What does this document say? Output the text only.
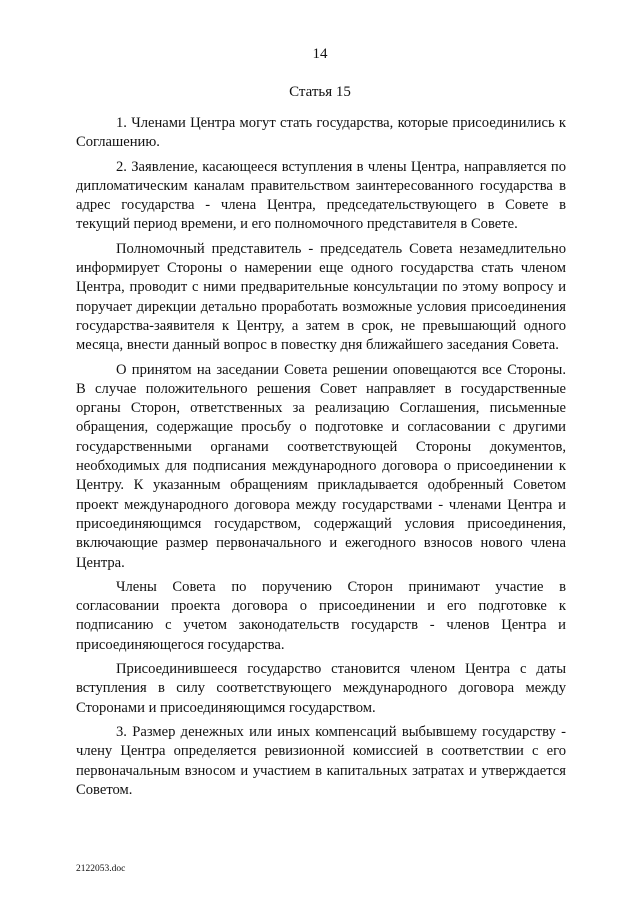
14
Статья 15

1. Членами Центра могут стать государства, которые присоединились к Соглашению.

2. Заявление, касающееся вступления в члены Центра, направляется по дипломатическим каналам правительством заинтересованного государства в адрес государства - члена Центра, председательствующего в Совете в текущий период времени, и его полномочного представителя в Совете.

Полномочный представитель - председатель Совета незамедлительно информирует Стороны о намерении еще одного государства стать членом Центра, проводит с ними предварительные консультации по этому вопросу и поручает дирекции детально проработать возможные условия присоединения государства-заявителя к Центру, а затем в срок, не превышающий одного месяца, внести данный вопрос в повестку дня ближайшего заседания Совета.

О принятом на заседании Совета решении оповещаются все Стороны. В случае положительного решения Совет направляет в государственные органы Сторон, ответственных за реализацию Соглашения, письменные обращения, содержащие просьбу о подготовке и согласовании с другими государственными органами соответствующей Стороны документов, необходимых для подписания международного договора о присоединении к Центру. К указанным обращениям прикладывается одобренный Советом проект международного договора между государствами - членами Центра и присоединяющимся государством, содержащий условия присоединения, включающие размер первоначального и ежегодного взносов нового члена Центра.

Члены Совета по поручению Сторон принимают участие в согласовании проекта договора о присоединении и его подготовке к подписанию с учетом законодательств государств - членов Центра и присоединяющегося государства.

Присоединившееся государство становится членом Центра с даты вступления в силу соответствующего международного договора между Сторонами и присоединяющимся государством.

3. Размер денежных или иных компенсаций выбывшему государству - члену Центра определяется ревизионной комиссией в соответствии с его первоначальным взносом и участием в капитальных затратах и утверждается Советом.

2122053.doc
